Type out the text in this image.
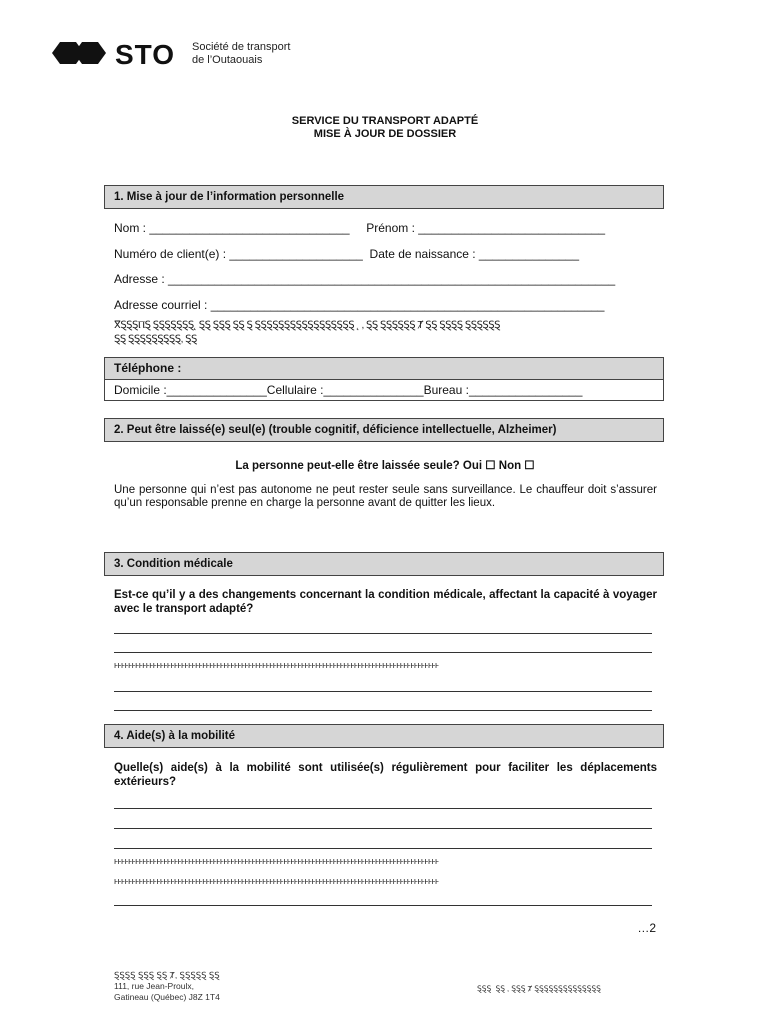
STO Société de transport
de l’Outaouais
SERVICE DU TRANSPORT ADAPTÉ
MISE À JOUR DE DOSSIER
1. Mise à jour de l’information personnelle
Nom : ______________________________     Prénom : ____________________________
Numéro de client(e) : ____________________  Date de naissance : _______________
Adresse : ___________________________________________________________________
Adresse courriel : ___________________________________________________________
ⴳⱾⱾⱾⲠⱾ ⱾⱾⱾⱾⱾⱾⱾ˛ ⱾⱾ ⱾⱾⱾ ⱾⱾ Ȿ ⱾⱾⱾⱾⱾⱾⱾⱾⱾⱾⱾⱾⱾⱾⱾⱾⱾ ˛ , ⱾⱾ ⱾⱾⱾⱾⱾⱾ Ⱦ ⱾⱾ ⱾⱾⱾⱾ ⱾⱾⱾⱾⱾⱾ
ⱾⱾ ⱾⱾⱾⱾⱾⱾⱾⱾⱾ, ⱾⱾ
Téléphone :
Domicile :_______________Cellulaire :_______________Bureau :_________________
2. Peut être laissé(e) seul(e) (trouble cognitif, déficience intellectuelle, Alzheimer)
La personne peut-elle être laissée seule? Oui ☐ Non ☐
Une personne qui n’est pas autonome ne peut rester seule sans surveillance. Le chauffeur doit s’assurer qu’un responsable prenne en charge la personne avant de quitter les lieux.
3. Condition médicale
Est-ce qu’il y a des changements concernant la condition médicale, affectant la capacité à voyager avec le transport adapté?
ⱶⱶⱶⱶⱶⱶⱶⱶⱶⱶⱶⱶⱶⱶⱶⱶⱶⱶⱶⱶⱶⱶⱶⱶⱶⱶⱶⱶⱶⱶⱶⱶⱶⱶⱶⱶⱶⱶⱶⱶⱶⱶⱶⱶⱶⱶⱶⱶⱶⱶⱶⱶⱶⱶⱶⱶⱶⱶⱶⱶⱶⱶⱶⱶⱶⱶⱶⱶⱶⱶⱶⱶⱶⱶⱶⱶⱶⱶⱶⱶⱶⱶⱶⱶⱶⱶⱶⱶⱶⱶⱶⱶ
4. Aide(s) à la mobilité
Quelle(s) aide(s) à la mobilité sont utilisée(s) régulièrement pour faciliter les déplacements extérieurs?
ⱶⱶⱶⱶⱶⱶⱶⱶⱶⱶⱶⱶⱶⱶⱶⱶⱶⱶⱶⱶⱶⱶⱶⱶⱶⱶⱶⱶⱶⱶⱶⱶⱶⱶⱶⱶⱶⱶⱶⱶⱶⱶⱶⱶⱶⱶⱶⱶⱶⱶⱶⱶⱶⱶⱶⱶⱶⱶⱶⱶⱶⱶⱶⱶⱶⱶⱶⱶⱶⱶⱶⱶⱶⱶⱶⱶⱶⱶⱶⱶⱶⱶⱶⱶⱶⱶⱶⱶⱶⱶⱶⱶ
ⱶⱶⱶⱶⱶⱶⱶⱶⱶⱶⱶⱶⱶⱶⱶⱶⱶⱶⱶⱶⱶⱶⱶⱶⱶⱶⱶⱶⱶⱶⱶⱶⱶⱶⱶⱶⱶⱶⱶⱶⱶⱶⱶⱶⱶⱶⱶⱶⱶⱶⱶⱶⱶⱶⱶⱶⱶⱶⱶⱶⱶⱶⱶⱶⱶⱶⱶⱶⱶⱶⱶⱶⱶⱶⱶⱶⱶⱶⱶⱶⱶⱶⱶⱶⱶⱶⱶⱶⱶⱶⱶⱶ
…2
ⱾⱾⱾⱾ ⱾⱾⱾ ⱾⱾ Ⱦ, ⱾⱾⱾⱾⱾ ⱾⱾ
111, rue Jean-Proulx,
Gatineau (Québec) J8Z 1T4
ⱾⱾⱾ  ⱾⱾ , ⱾⱾⱾ Ⱦ ⱾⱾⱾⱾⱾⱾⱾⱾⱾⱾⱾⱾⱾⱾ
